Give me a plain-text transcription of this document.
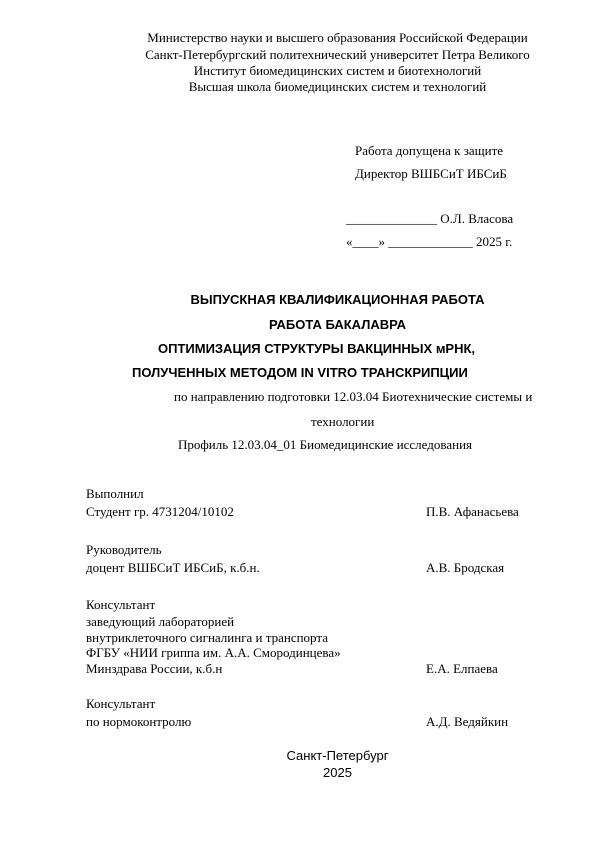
Министерство науки и высшего образования Российской Федерации
Санкт-Петербургский политехнический университет Петра Великого
Институт биомедицинских систем и биотехнологий
Высшая школа биомедицинских систем и технологий
Работа допущена к защите
Директор ВШБСиТ ИБСиБ
______________ О.Л. Власова
«____» _____________ 2025 г.
ВЫПУСКНАЯ КВАЛИФИКАЦИОННАЯ РАБОТА
РАБОТА БАКАЛАВРА
ОПТИМИЗАЦИЯ СТРУКТУРЫ ВАКЦИННЫХ мРНК,
ПОЛУЧЕННЫХ МЕТОДОМ IN VITRO ТРАНСКРИПЦИИ
по направлению подготовки 12.03.04 Биотехнические системы и
технологии
Профиль 12.03.04_01 Биомедицинские исследования
Выполнил
Студент гр. 4731204/10102	П.В. Афанасьева
Руководитель
доцент ВШБСиТ ИБСиБ, к.б.н.	А.В. Бродская
Консультант
заведующий лабораторией
внутриклеточного сигналинга и транспорта
ФГБУ «НИИ гриппа им. А.А. Смородинцева»
Минздрава России, к.б.н	Е.А. Елпаева
Консультант
по нормоконтролю	А.Д. Ведяйкин
Санкт-Петербург
2025
